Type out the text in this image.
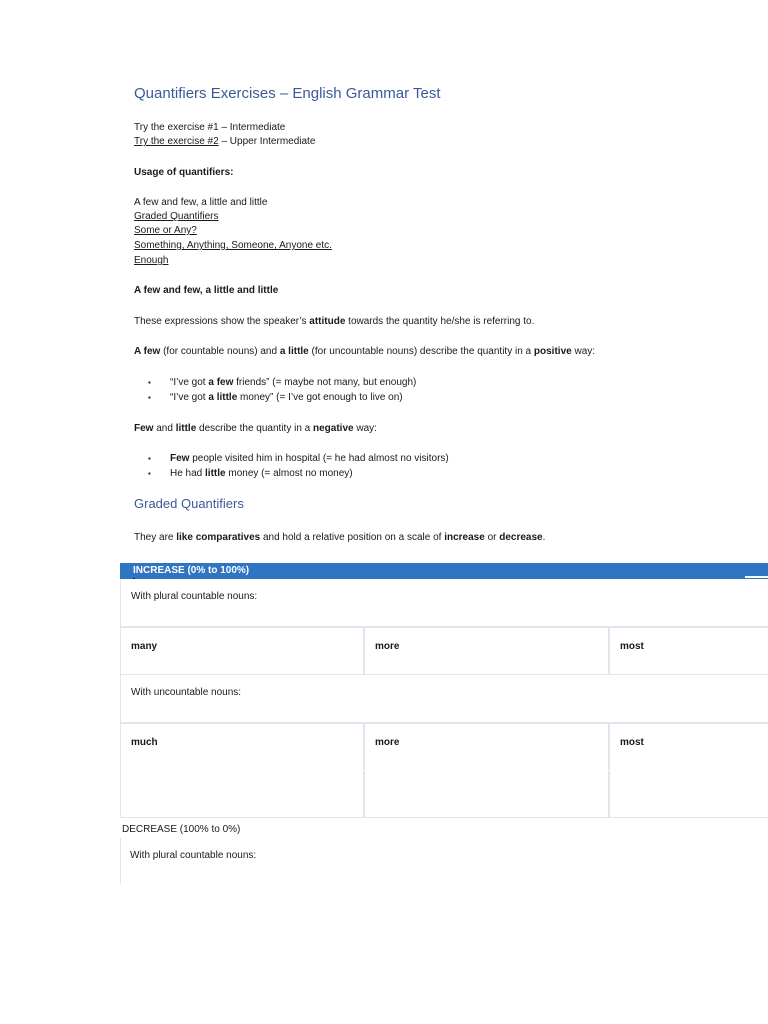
Quantifiers Exercises – English Grammar Test
Try the exercise #1 – Intermediate
Try the exercise #2 – Upper Intermediate
Usage of quantifiers:
A few and few, a little and little
Graded Quantifiers
Some or Any?
Something, Anything, Someone, Anyone etc.
Enough
A few and few, a little and little
These expressions show the speaker’s attitude towards the quantity he/she is referring to.
A few (for countable nouns) and a little (for uncountable nouns) describe the quantity in a positive way:
▪ “I’ve got a few friends” (= maybe not many, but enough)
▪ “I’ve got a little money” (= I’ve got enough to live on)
Few and little describe the quantity in a negative way:
▪ Few people visited him in hospital (= he had almost no visitors)
▪ He had little money (= almost no money)
Graded Quantifiers
They are like comparatives and hold a relative position on a scale of increase or decrease.
INCREASE (0% to 100%)
With plural countable nouns:
many	more	most
With uncountable nouns:
much	more	most
DECREASE (100% to 0%)
With plural countable nouns:
